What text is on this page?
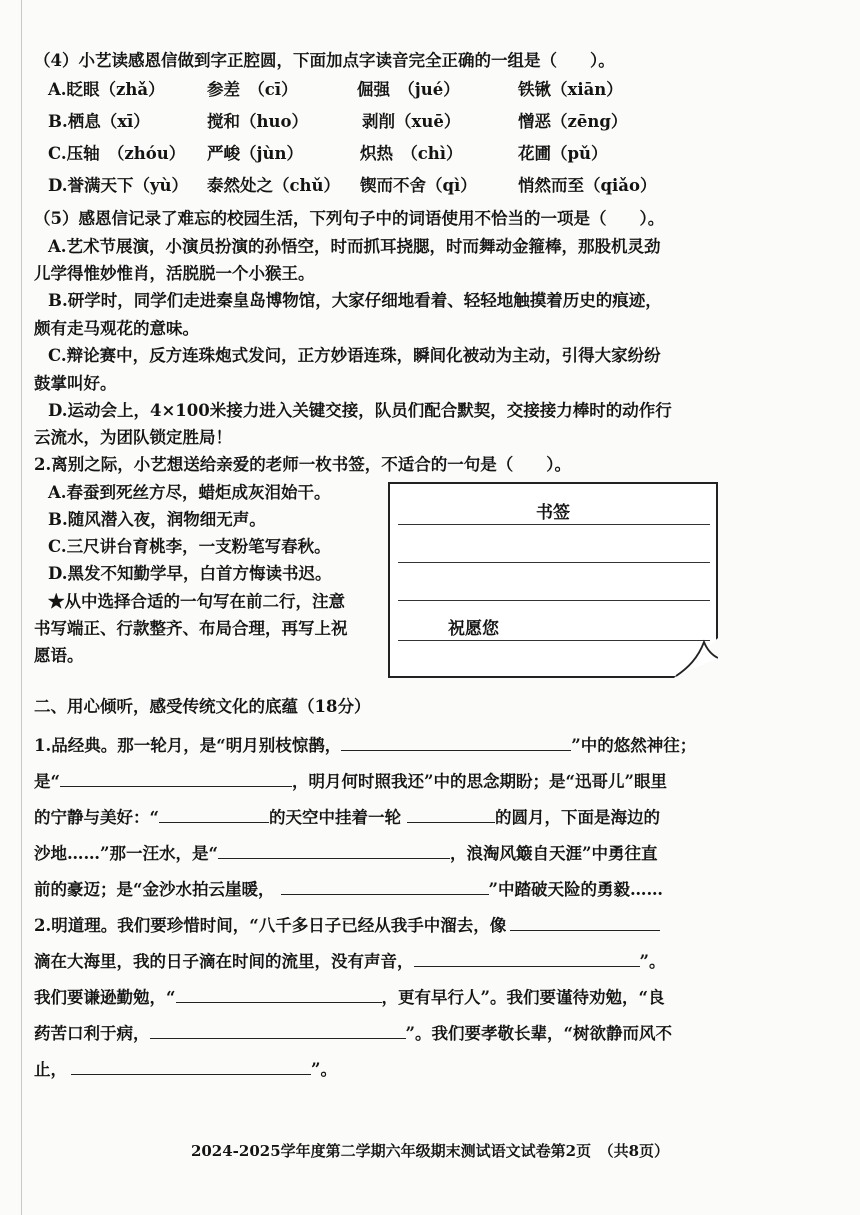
（4）小艺读感恩信做到字正腔圆，下面加点字读音完全正确的一组是（　　）。
A.眨眼（zhǎ）	参差　（cī）	倔强　（jué）	铁锹（xiān）
B.栖息（xī）	搅和（huo）	剥削（xuē）	憎恶（zēng）
C.压轴　（zhóu） 严峻（jùn）	炽热　（chì）	花圃（pǔ）
D.誉满天下（yù） 泰然处之（chǔ） 锲而不舍（qì） 悄然而至（qiǎo）
（5）感恩信记录了难忘的校园生活，下列句子中的词语使用不恰当的一项是（　　）。
A.艺术节展演，小演员扮演的孙悟空，时而抓耳挠腮，时而舞动金箍棒，那股机灵劲
儿学得惟妙惟肖，活脱脱一个小猴王。
B.研学时，同学们走进秦皇岛博物馆，大家仔细地看着、轻轻地触摸着历史的痕迹，
颇有走马观花的意味。
C.辩论赛中，反方连珠炮式发问，正方妙语连珠，瞬间化被动为主动，引得大家纷纷
鼓掌叫好。
D.运动会上，4×100米接力进入关键交接，队员们配合默契，交接接力棒时的动作行
云流水，为团队锁定胜局！
2.离别之际，小艺想送给亲爱的老师一枚书签，不适合的一句是（　　）。
A.春蚕到死丝方尽，蜡炬成灰泪始干。
B.随风潜入夜，润物细无声。
C.三尺讲台育桃李，一支粉笔写春秋。
D.黑发不知勤学早，白首方悔读书迟。
★从中选择合适的一句写在前二行，注意
书写端正、行款整齐、布局合理，再写上祝
愿语。
书签
祝愿您
二、用心倾听，感受传统文化的底蕴（18分）
1.品经典。那一轮月，是“明月别枝惊鹊，	”中的悠然神往；
是“	，明月何时照我还”中的思念期盼；是“迅哥儿”眼里
的宁静与美好：“	的天空中挂着一轮	的圆月，下面是海边的
沙地……”那一汪水，是“	，浪淘风簸自天涯”中勇往直
前的豪迈；是“金沙水拍云崖暖，	”中踏破天险的勇毅……
2.明道理。我们要珍惜时间，“八千多日子已经从我手中溜去，像
滴在大海里，我的日子滴在时间的流里，没有声音，	”。
我们要谦逊勤勉，“	，更有早行人”。我们要谨待劝勉，“良
药苦口利于病，	”。我们要孝敬长辈，“树欲静而风不
止，	”。
2024-2025学年度第二学期六年级期末测试语文试卷第2页　（共8页）
